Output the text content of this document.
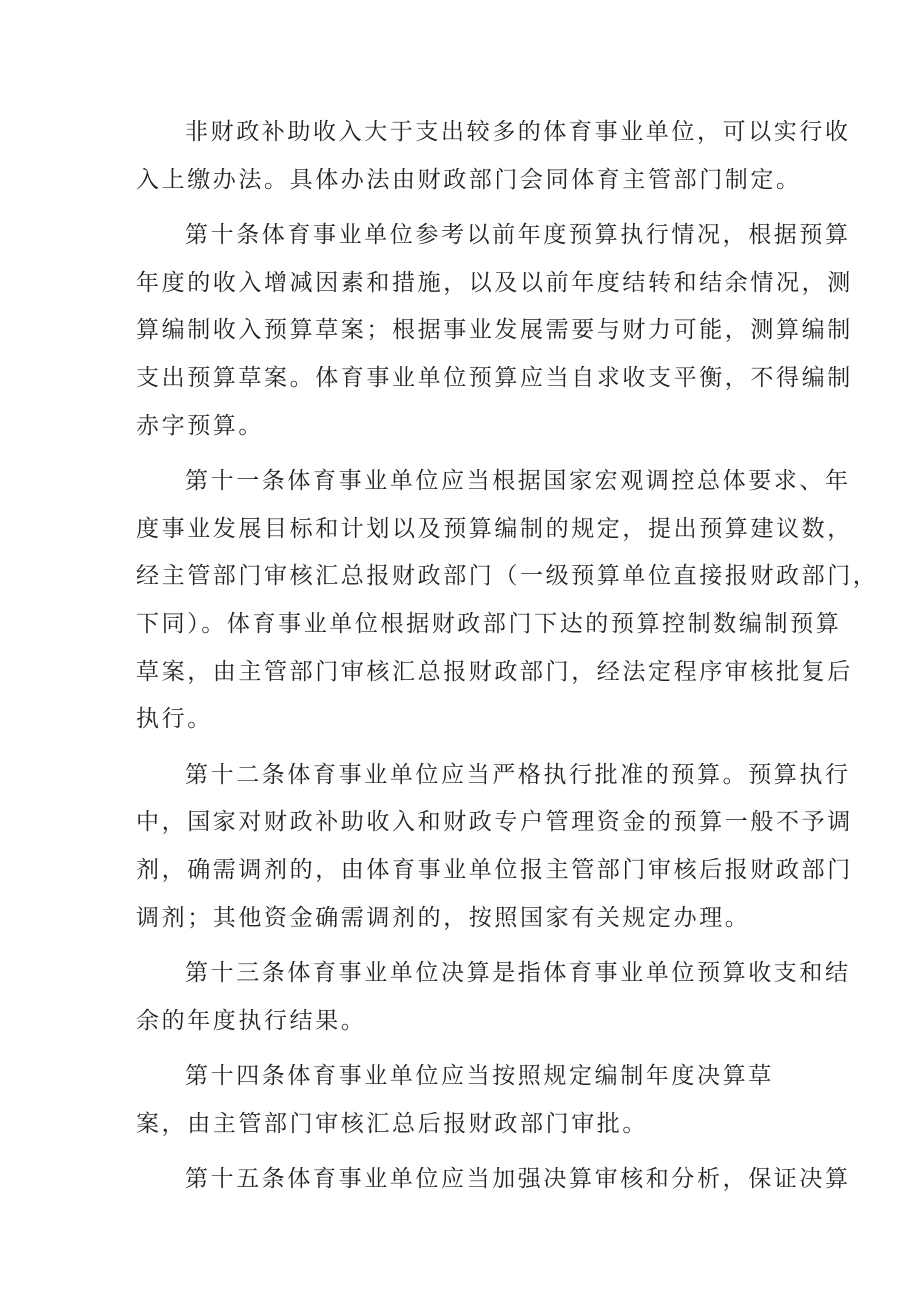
非财政补助收入大于支出较多的体育事业单位，可以实行收
入上缴办法。具体办法由财政部门会同体育主管部门制定。
第十条体育事业单位参考以前年度预算执行情况，根据预算
年度的收入增减因素和措施，以及以前年度结转和结余情况，测
算编制收入预算草案；根据事业发展需要与财力可能，测算编制
支出预算草案。体育事业单位预算应当自求收支平衡，不得编制
赤字预算。
第十一条体育事业单位应当根据国家宏观调控总体要求、年
度事业发展目标和计划以及预算编制的规定，提出预算建议数，
经主管部门审核汇总报财政部门（一级预算单位直接报财政部门，
下同）。体育事业单位根据财政部门下达的预算控制数编制预算
草案，由主管部门审核汇总报财政部门，经法定程序审核批复后
执行。
第十二条体育事业单位应当严格执行批准的预算。预算执行
中，国家对财政补助收入和财政专户管理资金的预算一般不予调
剂，确需调剂的，由体育事业单位报主管部门审核后报财政部门
调剂；其他资金确需调剂的，按照国家有关规定办理。
第十三条体育事业单位决算是指体育事业单位预算收支和结
余的年度执行结果。
第十四条体育事业单位应当按照规定编制年度决算草
案，由主管部门审核汇总后报财政部门审批。
第十五条体育事业单位应当加强决算审核和分析，保证决算
